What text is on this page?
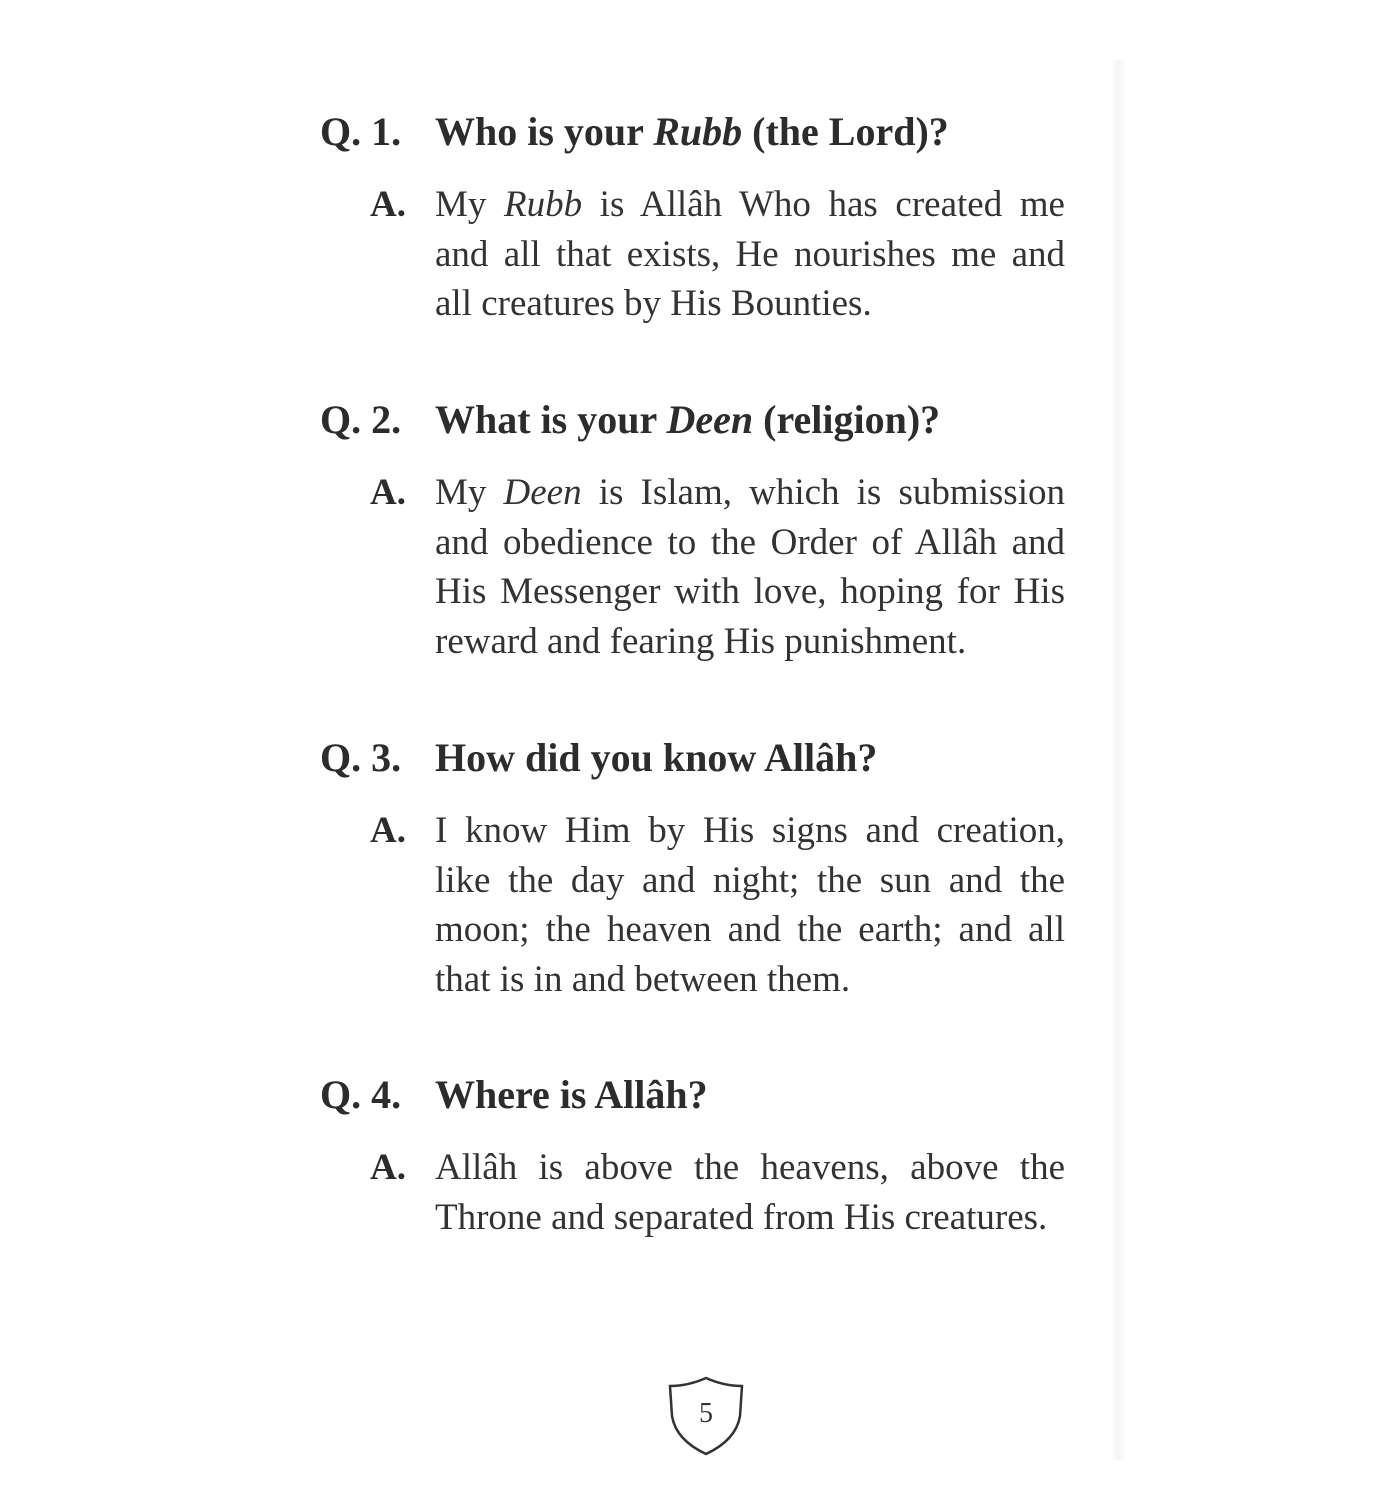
Q. 1. Who is your Rubb (the Lord)?
A. My Rubb is Allâh Who has created me and all that exists, He nourishes me and all creatures by His Bounties.

Q. 2. What is your Deen (religion)?
A. My Deen is Islam, which is submission and obedience to the Order of Allâh and His Messenger with love, hoping for His reward and fearing His punishment.

Q. 3. How did you know Allâh?
A. I know Him by His signs and creation, like the day and night; the sun and the moon; the heaven and the earth; and all that is in and between them.

Q. 4. Where is Allâh?
A. Allâh is above the heavens, above the Throne and separated from His creatures.

5
